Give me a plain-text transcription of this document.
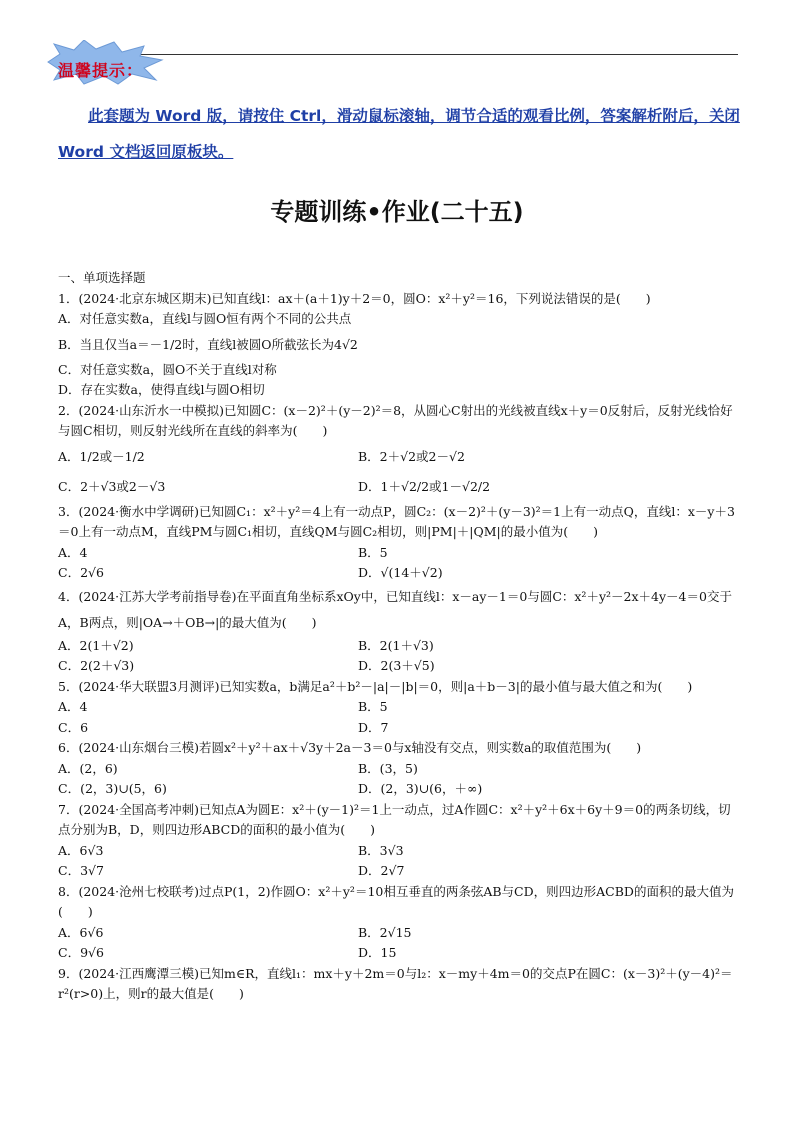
温馨提示：
此套题为 Word 版，请按住 Ctrl，滑动鼠标滚轴，调节合适的观看比例，答案解析附后，关闭 Word 文档返回原板块。
专题训练•作业(二十五)

一、单项选择题

1．(2024·北京东城区期末)已知直线l：ax＋(a＋1)y＋2＝0，圆O：x²＋y²＝16，下列说法错误的是(　　)

A．对任意实数a，直线l与圆O恒有两个不同的公共点

B．当且仅当a＝－1/2时，直线l被圆O所截弦长为4√2

C．对任意实数a，圆O不关于直线l对称

D．存在实数a，使得直线l与圆O相切

2．(2024·山东沂水一中模拟)已知圆C：(x－2)²＋(y－2)²＝8，从圆心C射出的光线被直线x＋y＝0反射后，反射光线恰好与圆C相切，则反射光线所在直线的斜率为(　　)

A．1/2或－1/2	B．2＋√2或2－√2

C．2＋√3或2－√3	D．1＋√2/2或1－√2/2

3．(2024·衡水中学调研)已知圆C₁：x²＋y²＝4上有一动点P，圆C₂：(x－2)²＋(y－3)²＝1上有一动点Q，直线l：x－y＋3＝0上有一动点M，直线PM与圆C₁相切，直线QM与圆C₂相切，则|PM|＋|QM|的最小值为(　　)

A．4	B．5

C．2√6	D．√(14＋√2)

4．(2024·江苏大学考前指导卷)在平面直角坐标系xOy中，已知直线l：x－ay－1＝0与圆C：x²＋y²－2x＋4y－4＝0交于A，B两点，则|OA→＋OB→|的最大值为(　　)

A．2(1＋√2)	B．2(1＋√3)

C．2(2＋√3)	D．2(3＋√5)

5．(2024·华大联盟3月测评)已知实数a，b满足a²＋b²－|a|－|b|＝0，则|a＋b－3|的最小值与最大值之和为(　　)

A．4	B．5

C．6	D．7

6．(2024·山东烟台三模)若圆x²＋y²＋ax＋√3y＋2a－3＝0与x轴没有交点，则实数a的取值范围为(　　)

A．(2，6)	B．(3，5)

C．(2，3)∪(5，6)	D．(2，3)∪(6，＋∞)

7．(2024·全国高考冲刺)已知点A为圆E：x²＋(y－1)²＝1上一动点，过A作圆C：x²＋y²＋6x＋6y＋9＝0的两条切线，切点分别为B，D，则四边形ABCD的面积的最小值为(　　)

A．6√3	B．3√3

C．3√7	D．2√7

8．(2024·沧州七校联考)过点P(1，2)作圆O：x²＋y²＝10相互垂直的两条弦AB与CD，则四边形ACBD的面积的最大值为(　　)

A．6√6	B．2√15

C．9√6	D．15

9．(2024·江西鹰潭三模)已知m∈R，直线l₁：mx＋y＋2m＝0与l₂：x－my＋4m＝0的交点P在圆C：(x－3)²＋(y－4)²＝r²(r>0)上，则r的最大值是(　　)
